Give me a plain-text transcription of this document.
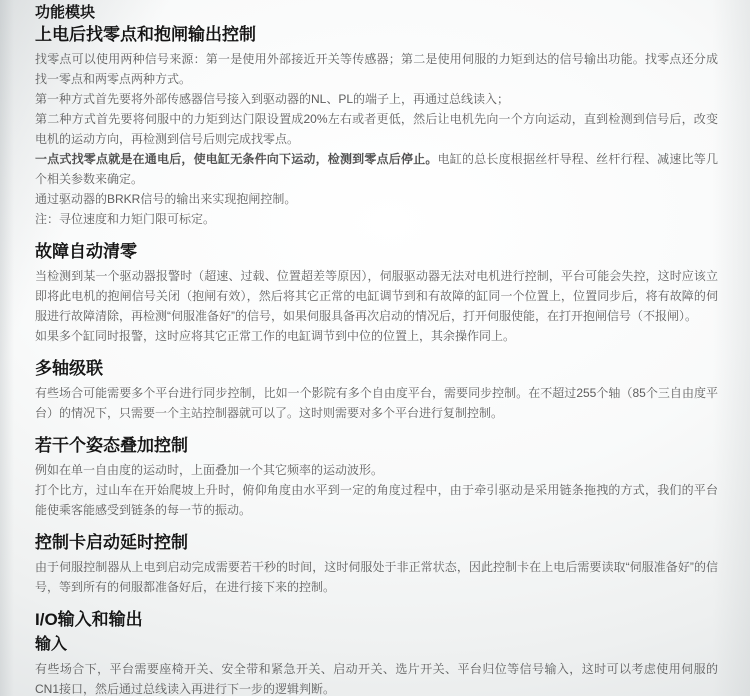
功能模块
上电后找零点和抱闸输出控制

找零点可以使用两种信号来源：第一是使用外部接近开关等传感器；第二是使用伺服的力矩到达的信号输出功能。找零点还分成找一零点和两零点两种方式。

第一种方式首先要将外部传感器信号接入到驱动器的NL、PL的端子上，再通过总线读入；

第二种方式首先要将伺服中的力矩到达门限设置成20%左右或者更低，然后让电机先向一个方向运动，直到检测到信号后，改变电机的运动方向，再检测到信号后则完成找零点。

一点式找零点就是在通电后，使电缸无条件向下运动，检测到零点后停止。电缸的总长度根据丝杆导程、丝杆行程、减速比等几个相关参数来确定。

通过驱动器的BRKR信号的输出来实现抱闸控制。

注：寻位速度和力矩门限可标定。

故障自动清零

当检测到某一个驱动器报警时（超速、过载、位置超差等原因），伺服驱动器无法对电机进行控制，平台可能会失控，这时应该立即将此电机的抱闸信号关闭（抱闸有效），然后将其它正常的电缸调节到和有故障的缸同一个位置上，位置同步后，将有故障的伺服进行故障清除，再检测“伺服准备好”的信号，如果伺服具备再次启动的情况后，打开伺服使能，在打开抱闸信号（不报闸）。

如果多个缸同时报警，这时应将其它正常工作的电缸调节到中位的位置上，其余操作同上。

多轴级联

有些场合可能需要多个平台进行同步控制，比如一个影院有多个自由度平台，需要同步控制。在不超过255个轴（85个三自由度平台）的情况下，只需要一个主站控制器就可以了。这时则需要对多个平台进行复制控制。

若干个姿态叠加控制

例如在单一自由度的运动时，上面叠加一个其它频率的运动波形。

打个比方，过山车在开始爬坡上升时，俯仰角度由水平到一定的角度过程中，由于牵引驱动是采用链条拖拽的方式，我们的平台能使乘客能感受到链条的每一节的振动。

控制卡启动延时控制

由于伺服控制器从上电到启动完成需要若干秒的时间，这时伺服处于非正常状态，因此控制卡在上电后需要读取“伺服准备好”的信号，等到所有的伺服都准备好后，在进行接下来的控制。

I/O输入和输出
输入

有些场合下，平台需要座椅开关、安全带和紧急开关、启动开关、选片开关、平台归位等信号输入，这时可以考虑使用伺服的CN1接口，然后通过总线读入再进行下一步的逻辑判断。
